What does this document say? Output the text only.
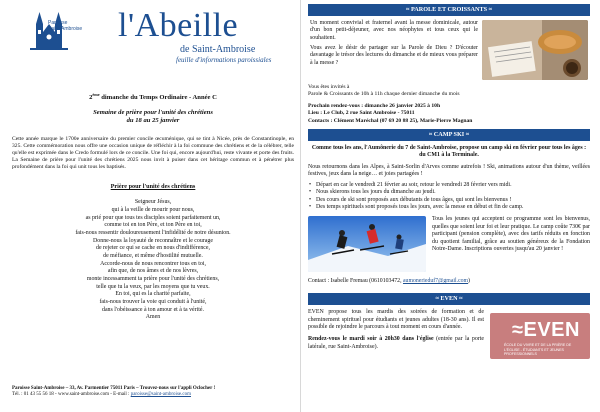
Paroisse
Saint-Ambroise l'Abeille
de Saint-Ambroise
feuille d'informations paroissiales
2ème dimanche du Temps Ordinaire - Année C
Semaine de prière pour l'unité des chrétiens
du 18 au 25 janvier

Cette année marque le 1700e anniversaire du premier concile œcuménique, qui se tint à Nicée, près de Constantinople, en 325. Cette commémoration nous offre une occasion unique de réfléchir à la foi commune des chrétiens et de la célébrer, telle qu'elle est exprimée dans le Credo formulé lors de ce concile. Une foi qui, encore aujourd'hui, reste vivante et porte des fruits. La Semaine de prière pour l'unité des chrétiens 2025 nous invit à puiser dans cet héritage commun et à pénétrer plus profondément dans la foi qui unit tous les baptisés.

Prière pour l'unité des chrétiens
Seigneur Jésus,
qui à la veille de mourir pour nous,
as prié pour que tous tes disciples soient parfaitement un,
comme toi en ton Père, et ton Père en toi,
fais-nous ressentir douloureusement l'infidélité de notre désunion.
Donne-nous la loyauté de reconnaître et le courage
de rejeter ce qui se cache en nous d'indifférence,
de méfiance, et même d'hostilité mutuelle.
Accorde-nous de nous rencontrer tous en toi,
afin que, de nos âmes et de nos lèvres,
monte incessamment ta prière pour l'unité des chrétiens,
telle que tu la veux, par les moyens que tu veux.
En toi, qui es la charité parfaite,
fais-nous trouver la voie qui conduit à l'unité,
dans l'obéissance à ton amour et à ta vérité.
Amen
Paroisse Saint-Ambroise – 33, Av. Parmentier 75011 Paris – Trouvez-nous sur l'appli Oclocher !
Tél. : 01 43 55 56 18 - www.saint-ambroise.com - E-mail : paroisse@saint-ambroise.com
≈ PAROLE ET CROISSANTS ≈

Un moment convivial et fraternel avant la messe dominicale, autour d'un bon petit-déjeuner, avec nos néophytes et tous ceux qui le souhaitent.

Vous avez le désir de partager sur la Parole de Dieu ? D'écouter davantage le trésor des lectures du dimanche et de mieux vous préparer à la messe ?

Vous êtes invités à
Parole & Croissants de 10h à 11h chaque dernier dimanche du mois
Prochain rendez-vous : dimanche 26 janvier 2025 à 10h
Lieu : Le Club, 2 rue Saint Ambroise - 75011
Contacts : Clément Maréchal (07 69 20 88 25), Marie-Pierre Magnan
≈ CAMP SKI ≈
Comme tous les ans, l'Aumônerie du 7 de Saint-Ambroise, propose un camp ski en février pour tous les âges : du CM1 à la Terminale.

Nous retournons dans les Alpes, à Saint-Sorlin d'Arves comme autrefois ! Ski, animations autour d'un thème, veillées festives, jeux dans la neige… et joies partagées !

• Départ en car le vendredi 21 février au soir, retour le vendredi 28 février vers midi.
• Nous skierons tous les jours du dimanche au jeudi.
• Des cours de ski sont proposés aux débutants de tous âges, qui sont les bienvenus !
• Des temps spirituels sont proposés tous les jours, avec la messe en début et fin de camp.

Tous les jeunes qui acceptent ce programme sont les bienvenus, quelles que soient leur foi et leur pratique. Le camp coûte 730€ par participant (pension complète), avec des tarifs réduits en fonction du quotient familial, grâce au soutien généreux de la Fondation Notre-Dame. Inscriptions ouvertes jusqu'au 20 janvier !

Contact : Isabelle Fremau (0610103472, aumonerieduf7@gmail.com)
≈ EVEN ≈

EVEN propose tous les mardis des soirées de formation et de cheminement spirituel pour étudiants et jeunes adultes (18-30 ans). Il est possible de rejoindre le parcours à tout moment en cours d'année.

Rendez-vous le mardi soir à 20h30 dans l'église (entrée par la porte latérale, rue Saint-Ambroise).

≈EVEN
ÉCOLE DU VIVRE ET DE LA PRIÈRE DE L'ÉGLISE - ÉTUDIANTS ET JEUNES PROFESSIONNELS
